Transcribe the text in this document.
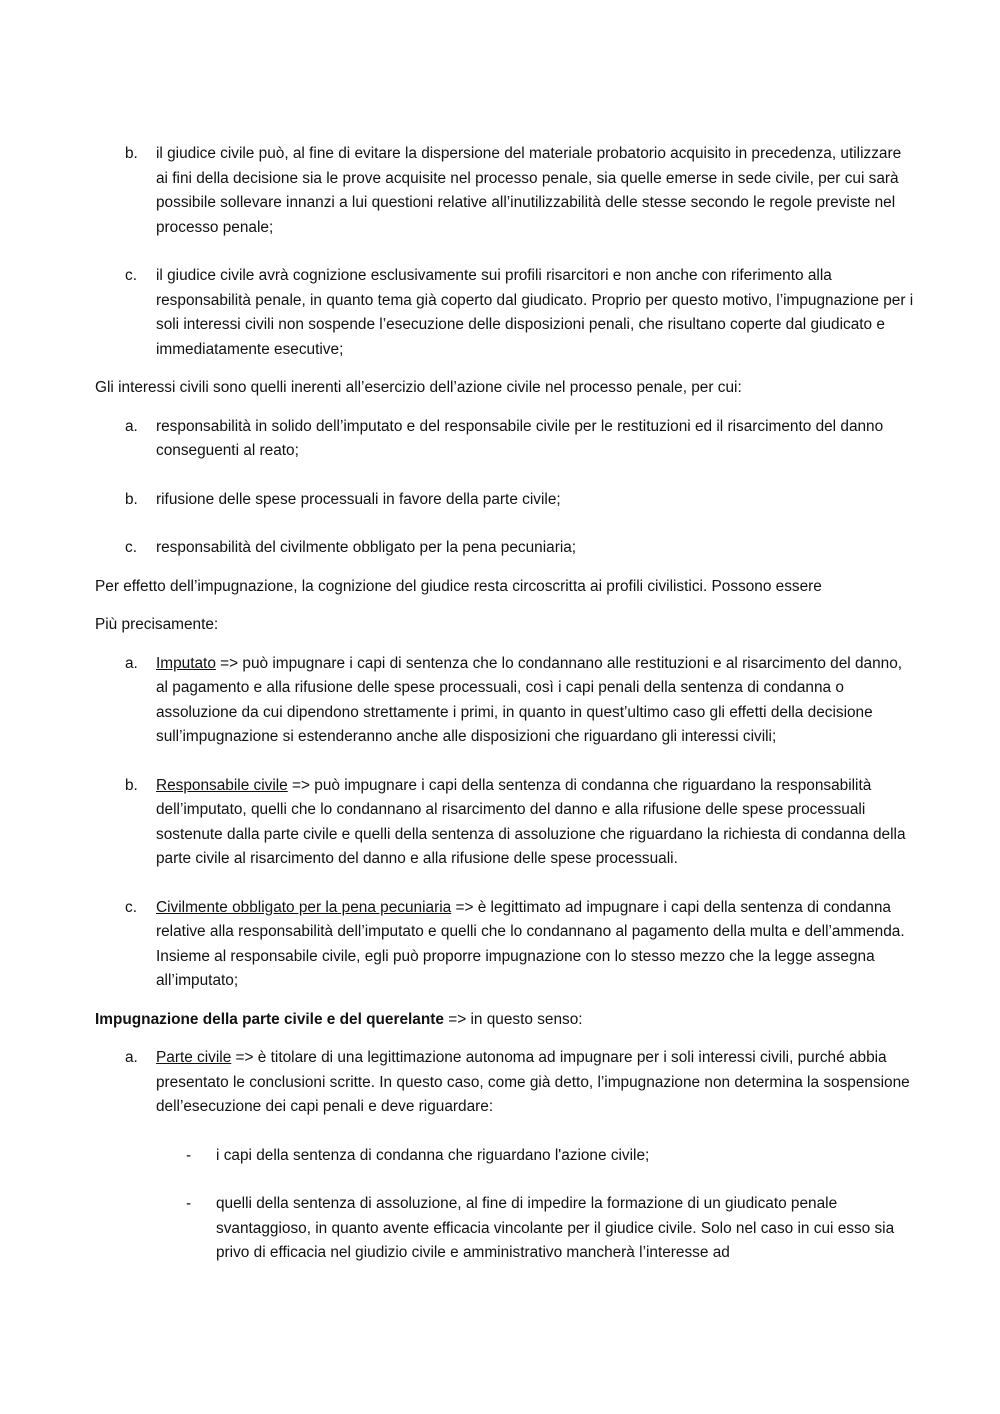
b. il giudice civile può, al fine di evitare la dispersione del materiale probatorio acquisito in precedenza, utilizzare ai fini della decisione sia le prove acquisite nel processo penale, sia quelle emerse in sede civile, per cui sarà possibile sollevare innanzi a lui questioni relative all’inutilizzabilità delle stesse secondo le regole previste nel processo penale;
c. il giudice civile avrà cognizione esclusivamente sui profili risarcitori e non anche con riferimento alla responsabilità penale, in quanto tema già coperto dal giudicato. Proprio per questo motivo, l’impugnazione per i soli interessi civili non sospende l’esecuzione delle disposizioni penali, che risultano coperte dal giudicato e immediatamente esecutive;

Gli interessi civili sono quelli inerenti all’esercizio dell’azione civile nel processo penale, per cui:

a. responsabilità in solido dell’imputato e del responsabile civile per le restituzioni ed il risarcimento del danno conseguenti al reato;
b. rifusione delle spese processuali in favore della parte civile;
c. responsabilità del civilmente obbligato per la pena pecuniaria;

Per effetto dell’impugnazione, la cognizione del giudice resta circoscritta ai profili civilistici. Possono essere

Più precisamente:

a. Imputato => può impugnare i capi di sentenza che lo condannano alle restituzioni e al risarcimento del danno, al pagamento e alla rifusione delle spese processuali, così i capi penali della sentenza di condanna o assoluzione da cui dipendono strettamente i primi, in quanto in quest’ultimo caso gli effetti della decisione sull’impugnazione si estenderanno anche alle disposizioni che riguardano gli interessi civili;
b. Responsabile civile => può impugnare i capi della sentenza di condanna che riguardano la responsabilità dell’imputato, quelli che lo condannano al risarcimento del danno e alla rifusione delle spese processuali sostenute dalla parte civile e quelli della sentenza di assoluzione che riguardano la richiesta di condanna della parte civile al risarcimento del danno e alla rifusione delle spese processuali.
c. Civilmente obbligato per la pena pecuniaria => è legittimato ad impugnare i capi della sentenza di condanna relative alla responsabilità dell’imputato e quelli che lo condannano al pagamento della multa e dell’ammenda. Insieme al responsabile civile, egli può proporre impugnazione con lo stesso mezzo che la legge assegna all’imputato;

Impugnazione della parte civile e del querelante => in questo senso:

a. Parte civile => è titolare di una legittimazione autonoma ad impugnare per i soli interessi civili, purché abbia presentato le conclusioni scritte. In questo caso, come già detto, l’impugnazione non determina la sospensione dell’esecuzione dei capi penali e deve riguardare:
- i capi della sentenza di condanna che riguardano l'azione civile;
- quelli della sentenza di assoluzione, al fine di impedire la formazione di un giudicato penale svantaggioso, in quanto avente efficacia vincolante per il giudice civile. Solo nel caso in cui esso sia privo di efficacia nel giudizio civile e amministrativo mancherà l’interesse ad
